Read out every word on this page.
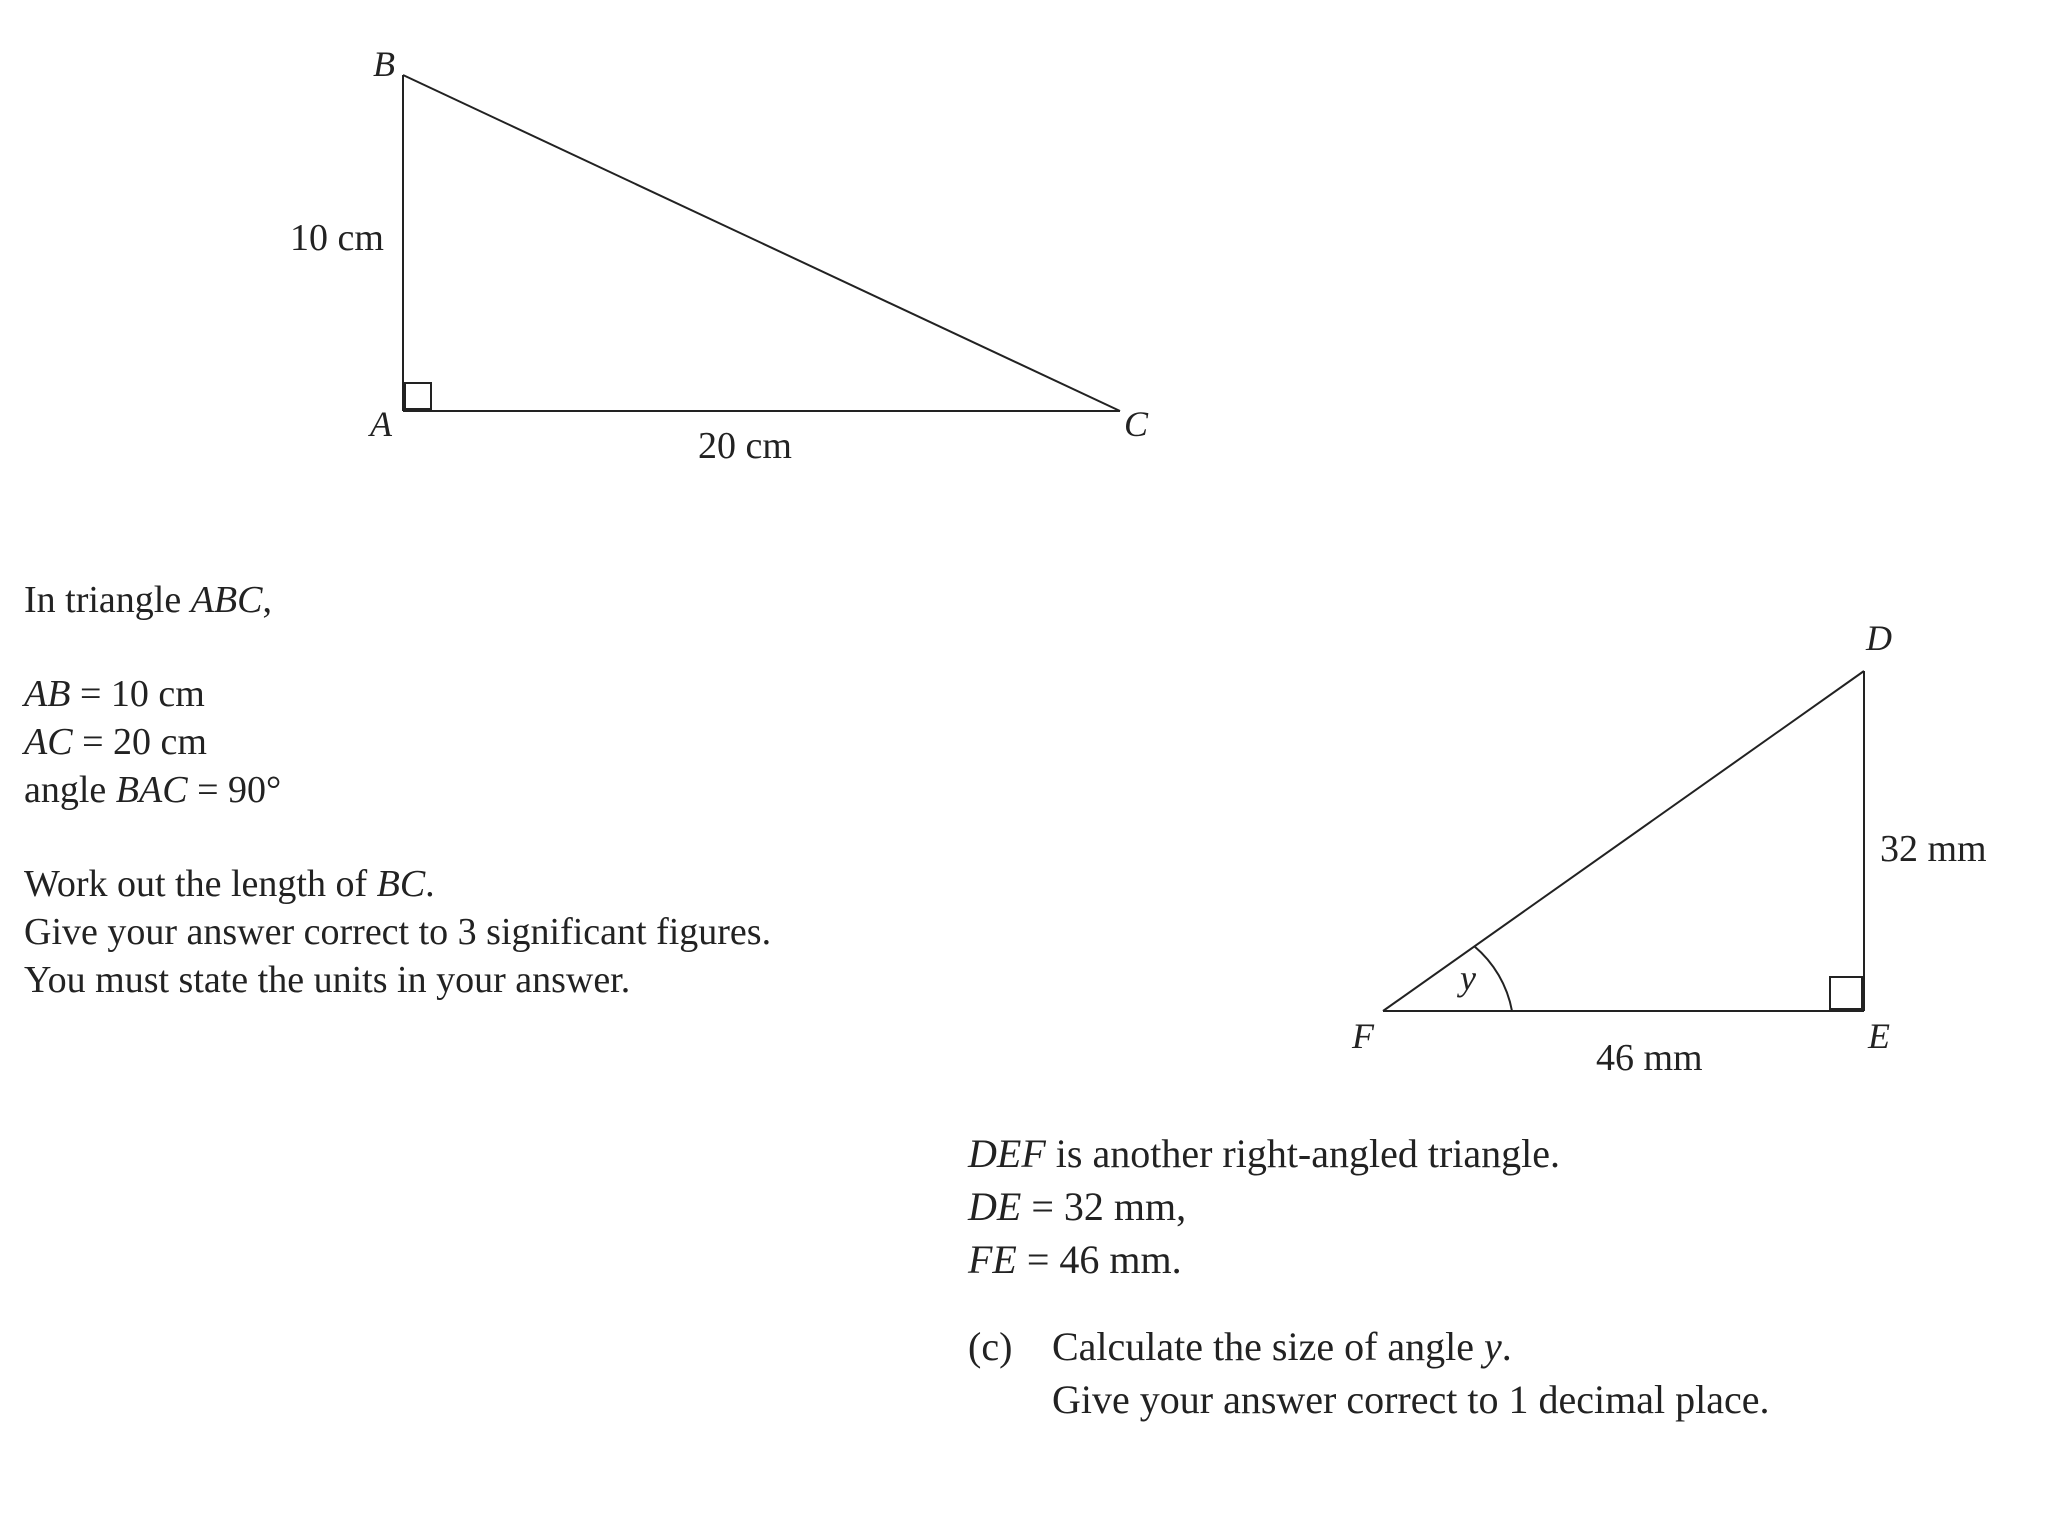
B
A	C
10 cm
20 cm
D
E
F
y
32 mm
46 mm
In triangle ABC,
AB = 10 cm
AC = 20 cm
angle BAC = 90°
Work out the length of BC.
Give your answer correct to 3 significant figures.
You must state the units in your answer.
DEF is another right-angled triangle.
DE = 32 mm,
FE = 46 mm.
(c) Calculate the size of angle y.
Give your answer correct to 1 decimal place.
